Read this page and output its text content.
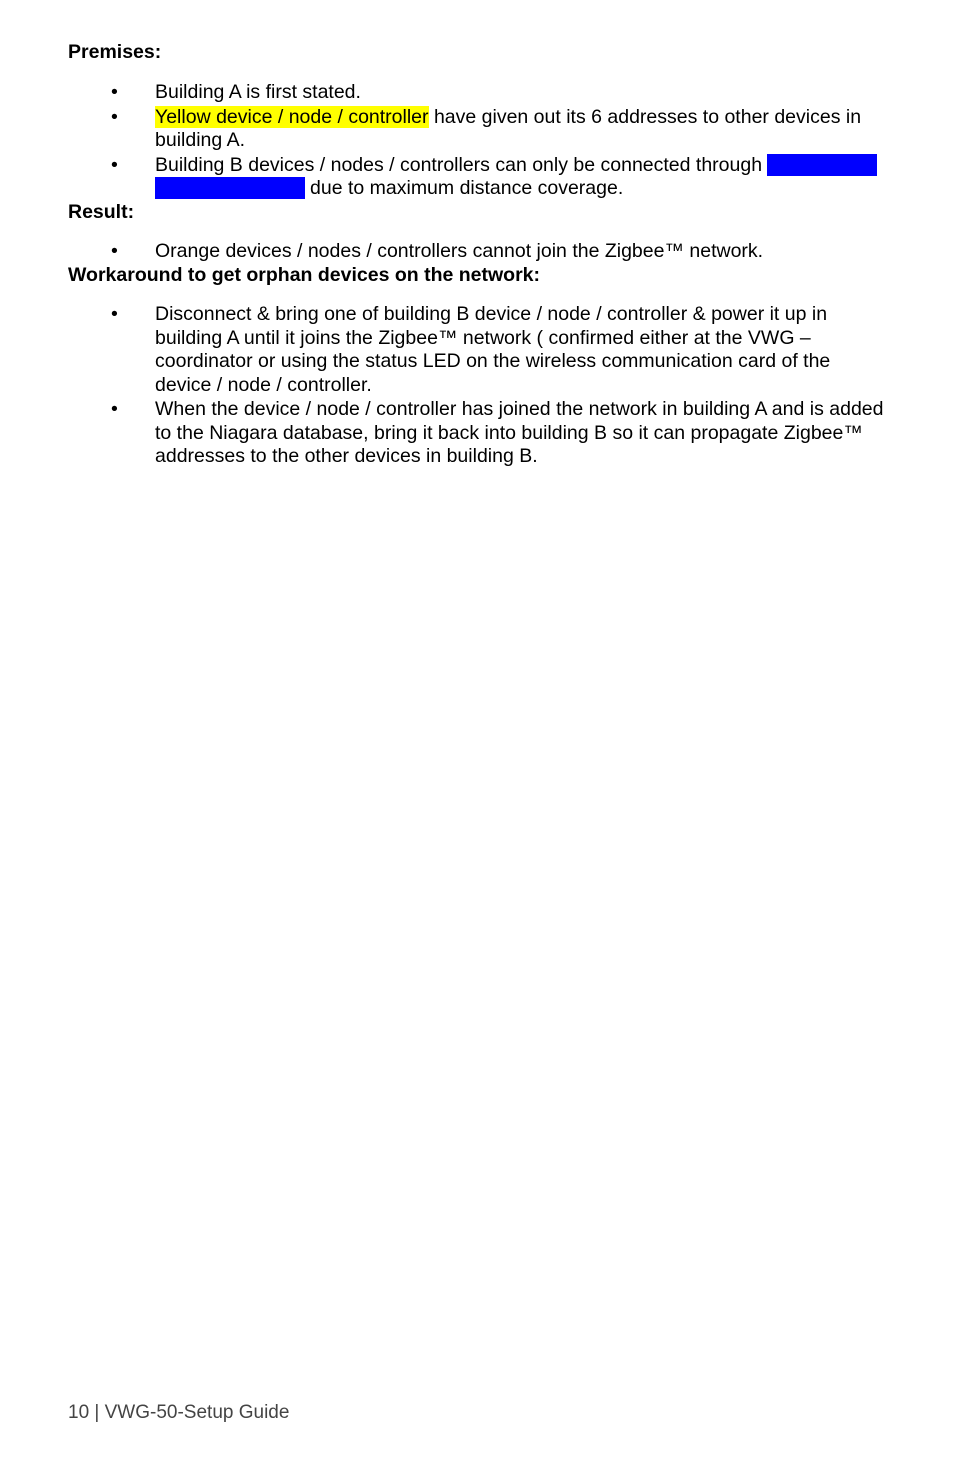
Premises:
• Building A is first stated.
• Yellow device / node / controller have given out its 6 addresses to other devices in building A.
• Building B devices / nodes / controllers can only be connected through blue device / nodes / controller due to maximum distance coverage.
Result:
• Orange devices / nodes / controllers cannot join the Zigbee™ network.
Workaround to get orphan devices on the network:
• Disconnect & bring one of building B device / node / controller & power it up in building A until it joins the Zigbee™ network ( confirmed either at the VWG – coordinator or using the status LED on the wireless communication card of the device / node / controller.
• When the device / node / controller has joined the network in building A and is added to the Niagara database, bring it back into building B so it can propagate Zigbee™ addresses to the other devices in building B.
10 | VWG-50-Setup Guide
